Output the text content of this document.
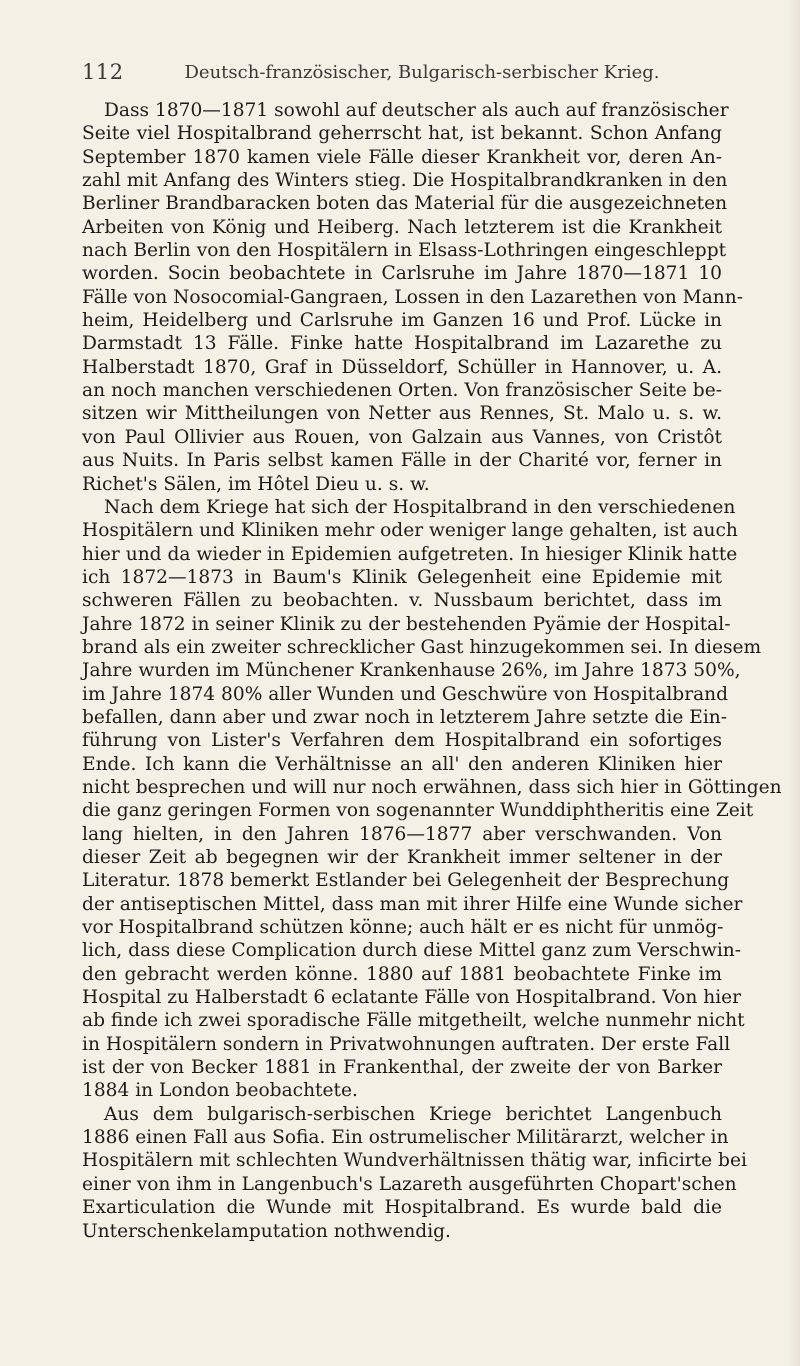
112	Deutsch-französischer, Bulgarisch-serbischer Krieg.
Dass 1870—1871 sowohl auf deutscher als auch auf französischer
Seite viel Hospitalbrand geherrscht hat, ist bekannt. Schon Anfang
September 1870 kamen viele Fälle dieser Krankheit vor, deren An-
zahl mit Anfang des Winters stieg. Die Hospitalbrandkranken in den
Berliner Brandbaracken boten das Material für die ausgezeichneten
Arbeiten von König und Heiberg. Nach letzterem ist die Krankheit
nach Berlin von den Hospitälern in Elsass-Lothringen eingeschleppt
worden. Socin beobachtete in Carlsruhe im Jahre 1870—1871 10
Fälle von Nosocomial-Gangraen, Lossen in den Lazarethen von Mann-
heim, Heidelberg und Carlsruhe im Ganzen 16 und Prof. Lücke in
Darmstadt 13 Fälle. Finke hatte Hospitalbrand im Lazarethe zu
Halberstadt 1870, Graf in Düsseldorf, Schüller in Hannover, u. A.
an noch manchen verschiedenen Orten. Von französischer Seite be-
sitzen wir Mittheilungen von Netter aus Rennes, St. Malo u. s. w.
von Paul Ollivier aus Rouen, von Galzain aus Vannes, von Cristôt
aus Nuits. In Paris selbst kamen Fälle in der Charité vor, ferner in
Richet's Sälen, im Hôtel Dieu u. s. w.
Nach dem Kriege hat sich der Hospitalbrand in den verschiedenen
Hospitälern und Kliniken mehr oder weniger lange gehalten, ist auch
hier und da wieder in Epidemien aufgetreten. In hiesiger Klinik hatte
ich 1872—1873 in Baum's Klinik Gelegenheit eine Epidemie mit
schweren Fällen zu beobachten. v. Nussbaum berichtet, dass im
Jahre 1872 in seiner Klinik zu der bestehenden Pyämie der Hospital-
brand als ein zweiter schrecklicher Gast hinzugekommen sei. In diesem
Jahre wurden im Münchener Krankenhause 26%, im Jahre 1873 50%,
im Jahre 1874 80% aller Wunden und Geschwüre von Hospitalbrand
befallen, dann aber und zwar noch in letzterem Jahre setzte die Ein-
führung von Lister's Verfahren dem Hospitalbrand ein sofortiges
Ende. Ich kann die Verhältnisse an all' den anderen Kliniken hier
nicht besprechen und will nur noch erwähnen, dass sich hier in Göttingen
die ganz geringen Formen von sogenannter Wunddiphtheritis eine Zeit
lang hielten, in den Jahren 1876—1877 aber verschwanden. Von
dieser Zeit ab begegnen wir der Krankheit immer seltener in der
Literatur. 1878 bemerkt Estlander bei Gelegenheit der Besprechung
der antiseptischen Mittel, dass man mit ihrer Hilfe eine Wunde sicher
vor Hospitalbrand schützen könne; auch hält er es nicht für unmög-
lich, dass diese Complication durch diese Mittel ganz zum Verschwin-
den gebracht werden könne. 1880 auf 1881 beobachtete Finke im
Hospital zu Halberstadt 6 eclatante Fälle von Hospitalbrand. Von hier
ab finde ich zwei sporadische Fälle mitgetheilt, welche nunmehr nicht
in Hospitälern sondern in Privatwohnungen auftraten. Der erste Fall
ist der von Becker 1881 in Frankenthal, der zweite der von Barker
1884 in London beobachtete.
Aus dem bulgarisch-serbischen Kriege berichtet Langenbuch
1886 einen Fall aus Sofia. Ein ostrumelischer Militärarzt, welcher in
Hospitälern mit schlechten Wundverhältnissen thätig war, inficirte bei
einer von ihm in Langenbuch's Lazareth ausgeführten Chopart'schen
Exarticulation die Wunde mit Hospitalbrand. Es wurde bald die
Unterschenkelamputation nothwendig.
